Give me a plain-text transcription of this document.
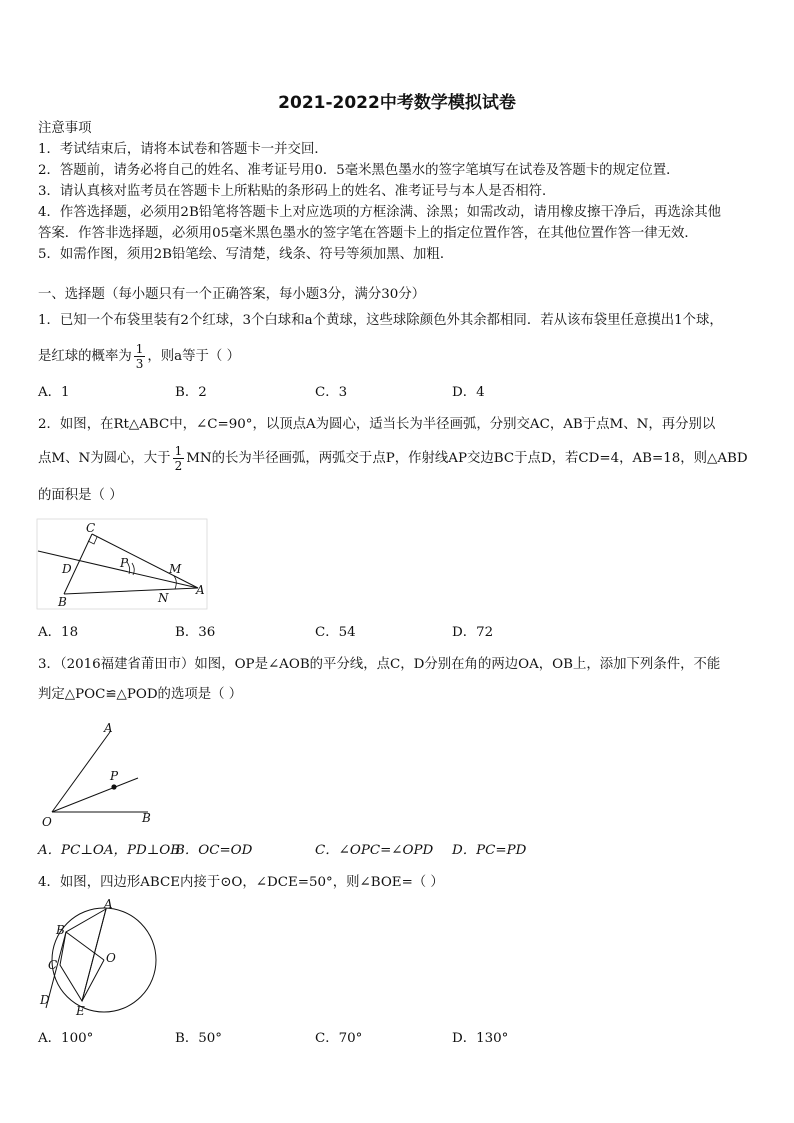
2021-2022中考数学模拟试卷
注意事项
1．考试结束后，请将本试卷和答题卡一并交回．
2．答题前，请务必将自己的姓名、准考证号用0．5毫米黑色墨水的签字笔填写在试卷及答题卡的规定位置．
3．请认真核对监考员在答题卡上所粘贴的条形码上的姓名、准考证号与本人是否相符．
4．作答选择题，必须用2B铅笔将答题卡上对应选项的方框涂满、涂黑；如需改动，请用橡皮擦干净后，再选涂其他
答案．作答非选择题，必须用05毫米黑色墨水的签字笔在答题卡上的指定位置作答，在其他位置作答一律无效．
5．如需作图，须用2B铅笔绘、写清楚，线条、符号等须加黑、加粗．
一、选择题（每小题只有一个正确答案，每小题3分，满分30分）
1．已知一个布袋里装有2个红球，3个白球和a个黄球，这些球除颜色外其余都相同．若从该布袋里任意摸出1个球，
是红球的概率为 $\frac{1}{3}$ ，则a等于（ ）
A．1	B．2	C．3	D．4
2．如图，在Rt△ABC中，∠C=90°，以顶点A为圆心，适当长为半径画弧，分别交AC，AB于点M、N，再分别以
点M、N为圆心，大于 $\frac{1}{2}$ MN的长为半径画弧，两弧交于点P，作射线AP交边BC于点D，若CD=4，AB=18，则△ABD
的面积是（ ）
C
D	P	M
B	N
A
A．18	B．36	C．54	D．72
3．（2016福建省莆田市）如图，OP是∠AOB的平分线，点C，D分别在角的两边OA，OB上，添加下列条件，不能
判定△POC≌△POD的选项是（ ）
A
P
O	B
A．PC⊥OA，PD⊥OB
B．OC=OD	C．∠OPC=∠OPD D．PC=PD
4．如图，四边形ABCE内接于⊙O，∠DCE=50°，则∠BOE=（ ）
A
B
C	O
D
E
A．100°	B．50°	C．70°	D．130°
